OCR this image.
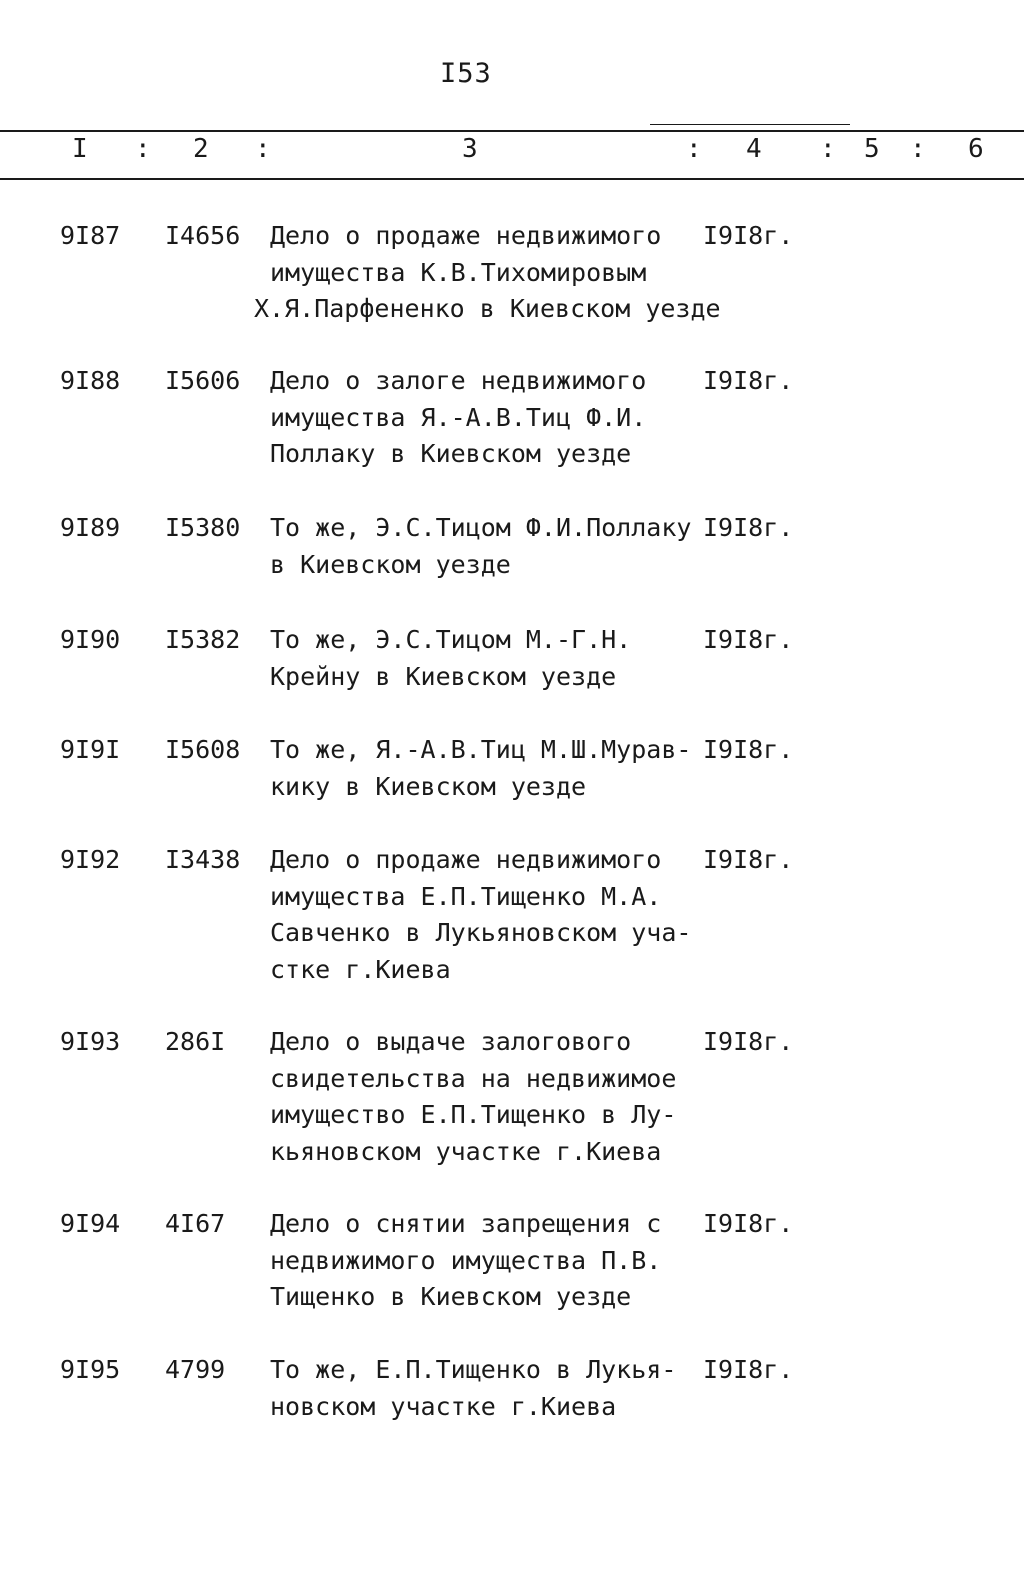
I53
I : 2 :	3	: 4 : 5 : 6
9I87	I4656	Дело о продаже недвижимого
имущества К.В.Тихомировым
Х.Я.Парфененко в Киевском уезде
I9I8г.
9I88	I5606	Дело о залоге недвижимого
имущества Я.-А.В.Тиц Ф.И.
Поллаку в Киевском уезде
I9I8г.
9I89	I5380	То же, Э.С.Тицом Ф.И.Поллаку
в Киевском уезде
I9I8г.
9I90	I5382	То же, Э.С.Тицом М.-Г.Н.
Крейну в Киевском уезде
I9I8г.
9I9I	I5608	То же, Я.-А.В.Тиц М.Ш.Мурав-
кику в Киевском уезде
I9I8г.
9I92	I3438	Дело о продаже недвижимого
имущества Е.П.Тищенко М.А.
Савченко в Лукьяновском уча-
стке г.Киева
I9I8г.
9I93	286I	Дело о выдаче залогового
свидетельства на недвижимое
имущество Е.П.Тищенко в Лу-
кьяновском участке г.Киева
I9I8г.
9I94	4I67	Дело о снятии запрещения с
недвижимого имущества П.В.
Тищенко в Киевском уезде
I9I8г.
9I95	4799	То же, Е.П.Тищенко в Лукья-
новском участке г.Киева
I9I8г.
